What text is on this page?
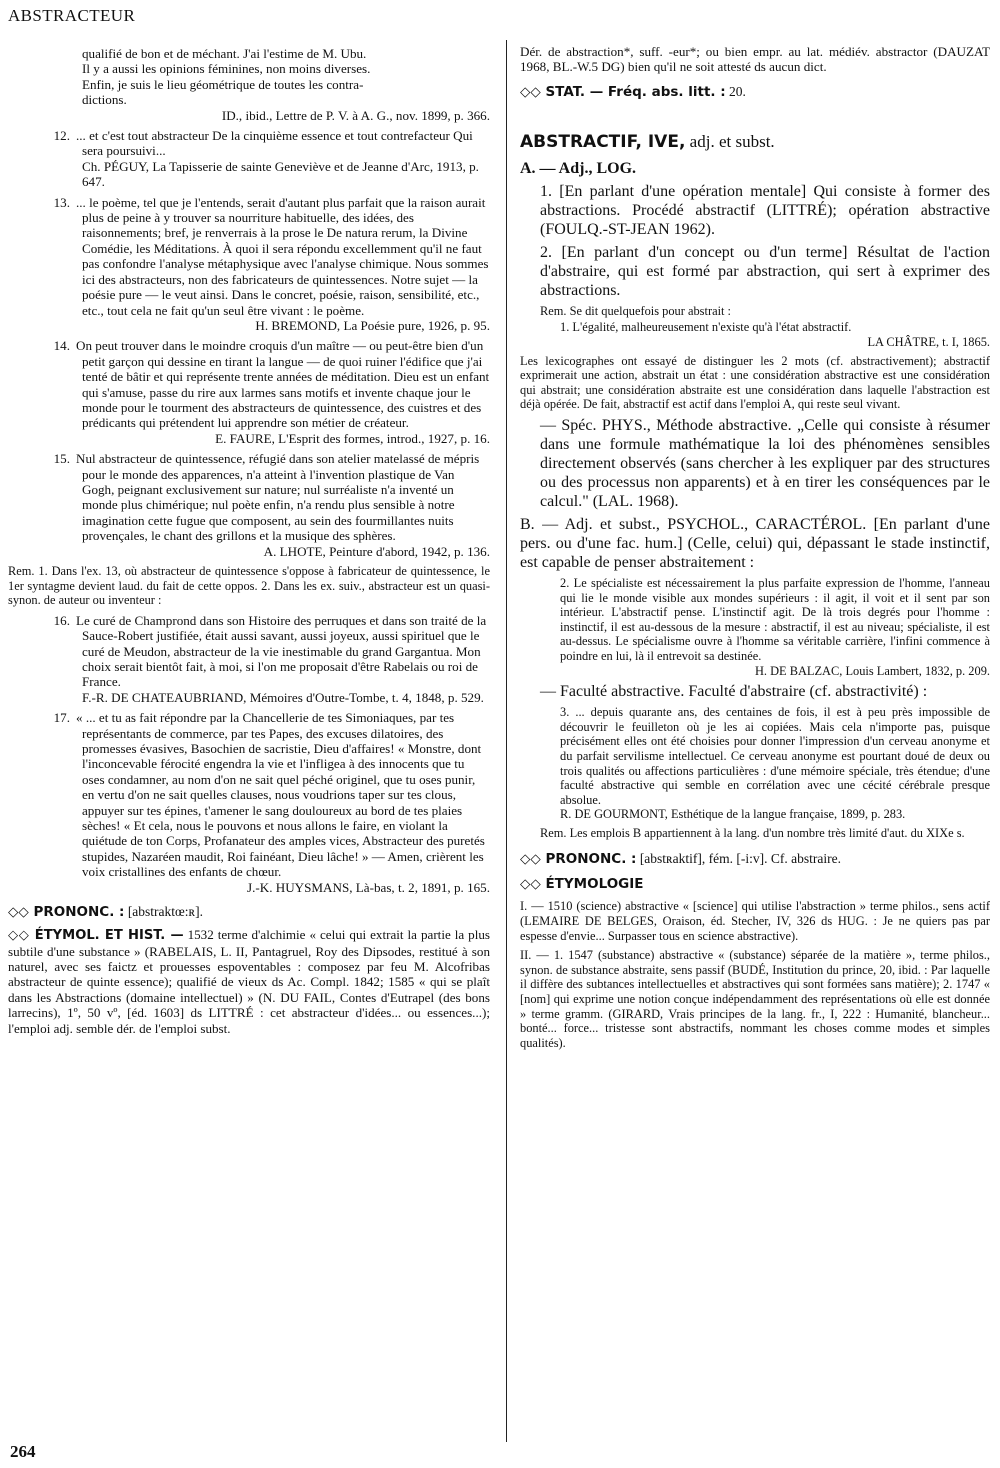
ABSTRACTEUR
qualifié de bon et de méchant. J'ai l'estime de M. Ubu.
Il y a aussi les opinions féminines, non moins diverses.
Enfin, je suis le lieu géométrique de toutes les contra-
dictions.
ID., ibid., Lettre de P. V. à A. G., nov. 1899, p. 366.
12. ... et c'est tout abstracteur De la cinquième essence et tout contrefacteur Qui sera poursuivi...
Ch. PÉGUY, La Tapisserie de sainte Geneviève et de Jeanne d'Arc, 1913, p. 647.
13. ... le poème, tel que je l'entends, serait d'autant plus parfait que la raison aurait plus de peine à y trouver sa nourriture habituelle, des idées, des raisonnements; bref, je renverrais à la prose le De natura rerum, la Divine Comédie, les Méditations. À quoi il sera répondu excellemment qu'il ne faut pas confondre l'analyse métaphysique avec l'analyse chimique. Nous sommes ici des abstracteurs, non des fabricateurs de quintessences. Notre sujet — la poésie pure — le veut ainsi. Dans le concret, poésie, raison, sensibilité, etc., etc., tout cela ne fait qu'un seul être vivant : le poème.
H. BREMOND, La Poésie pure, 1926, p. 95.
14. On peut trouver dans le moindre croquis d'un maître — ou peut-être bien d'un petit garçon qui dessine en tirant la langue — de quoi ruiner l'édifice que j'ai tenté de bâtir et qui représente trente années de méditation. Dieu est un enfant qui s'amuse, passe du rire aux larmes sans motifs et invente chaque jour le monde pour le tourment des abstracteurs de quintessence, des cuistres et des prédicants qui prétendent lui apprendre son métier de créateur.
E. FAURE, L'Esprit des formes, introd., 1927, p. 16.
15. Nul abstracteur de quintessence, réfugié dans son atelier matelassé de mépris pour le monde des apparences, n'a atteint à l'invention plastique de Van Gogh, peignant exclusivement sur nature; nul surréaliste n'a inventé un monde plus chimérique; nul poète enfin, n'a rendu plus sensible à notre imagination cette fugue que composent, au sein des fourmillantes nuits provençales, le chant des grillons et la musique des sphères.
A. LHOTE, Peinture d'abord, 1942, p. 136.
Rem. 1. Dans l'ex. 13, où abstracteur de quintessence s'oppose à fabricateur de quintessence, le 1er syntagme devient laud. du fait de cette oppos. 2. Dans les ex. suiv., abstracteur est un quasi-synon. de auteur ou inventeur :
16. Le curé de Champrond dans son Histoire des perruques et dans son traité de la Sauce-Robert justifiée, était aussi savant, aussi joyeux, aussi spirituel que le curé de Meudon, abstracteur de la vie inestimable du grand Gargantua. Mon choix serait bientôt fait, à moi, si l'on me proposait d'être Rabelais ou roi de France.
F.-R. DE CHATEAUBRIAND, Mémoires d'Outre-Tombe, t. 4, 1848, p. 529.
17. « ... et tu as fait répondre par la Chancellerie de tes Simoniaques, par tes représentants de commerce, par tes Papes, des excuses dilatoires, des promesses évasives, Basochien de sacristie, Dieu d'affaires! « Monstre, dont l'inconcevable férocité engendra la vie et l'infligea à des innocents que tu oses condamner, au nom d'on ne sait quel péché originel, que tu oses punir, en vertu d'on ne sait quelles clauses, nous voudrions taper sur tes clous, appuyer sur tes épines, t'amener le sang douloureux au bord de tes plaies sèches! « Et cela, nous le pouvons et nous allons le faire, en violant la quiétude de ton Corps, Profanateur des amples vices, Abstracteur des puretés stupides, Nazaréen maudit, Roi fainéant, Dieu lâche! » — Amen, crièrent les voix cristallines des enfants de chœur.
J.-K. HUYSMANS, Là-bas, t. 2, 1891, p. 165.
◇◇ PRONONC. : [abstraktœ:ʀ].
◇◇ ÉTYMOL. ET HIST. — 1532 terme d'alchimie « celui qui extrait la partie la plus subtile d'une substance » (RABELAIS, L. II, Pantagruel, Roy des Dipsodes, restitué à son naturel, avec ses faictz et prouesses espoventables : composez par feu M. Alcofribas abstracteur de quinte essence); qualifié de vieux ds Ac. Compl. 1842; 1585 « qui se plaît dans les Abstractions (domaine intellectuel) » (N. DU FAIL, Contes d'Eutrapel (des bons larrecins), 1º, 50 vº, [éd. 1603] ds LITTRÉ : cet abstracteur d'idées... ou essences...); l'emploi adj. semble dér. de l'emploi subst.
Dér. de abstraction*, suff. -eur*; ou bien empr. au lat. médiév. abstractor (DAUZAT 1968, BL.-W.5 DG) bien qu'il ne soit attesté ds aucun dict.
◇◇ STAT. — Fréq. abs. litt. : 20.
ABSTRACTIF, IVE, adj. et subst.
A. — Adj., LOG.
1. [En parlant d'une opération mentale] Qui consiste à former des abstractions. Procédé abstractif (LITTRÉ); opération abstractive (FOULQ.-ST-JEAN 1962).
2. [En parlant d'un concept ou d'un terme] Résultat de l'action d'abstraire, qui est formé par abstraction, qui sert à exprimer des abstractions.
Rem. Se dit quelquefois pour abstrait :
1. L'égalité, malheureusement n'existe qu'à l'état abstractif.
LA CHÂTRE, t. I, 1865.
Les lexicographes ont essayé de distinguer les 2 mots (cf. abstractivement); abstractif exprimerait une action, abstrait un état : une considération abstractive est une considération qui abstrait; une considération abstraite est une considération dans laquelle l'abstraction est déjà opérée. De fait, abstractif est actif dans l'emploi A, qui reste seul vivant.
— Spéc. PHYS., Méthode abstractive. „Celle qui consiste à résumer dans une formule mathématique la loi des phénomènes sensibles directement observés (sans chercher à les expliquer par des structures ou des processus non apparents) et à en tirer les conséquences par le calcul." (LAL. 1968).
B. — Adj. et subst., PSYCHOL., CARACTÉROL. [En parlant d'une pers. ou d'une fac. hum.] (Celle, celui) qui, dépassant le stade instinctif, est capable de penser abstraitement :
2. Le spécialiste est nécessairement la plus parfaite expression de l'homme, l'anneau qui lie le monde visible aux mondes supérieurs : il agit, il voit et il sent par son intérieur. L'abstractif pense. L'instinctif agit. De là trois degrés pour l'homme : instinctif, il est au-dessous de la mesure : abstractif, il est au niveau; spécialiste, il est au-dessus. Le spécialisme ouvre à l'homme sa véritable carrière, l'infini commence à poindre en lui, là il entrevoit sa destinée.
H. DE BALZAC, Louis Lambert, 1832, p. 209.
— Faculté abstractive. Faculté d'abstraire (cf. abstractivité) :
3. ... depuis quarante ans, des centaines de fois, il est à peu près impossible de découvrir le feuilleton où je les ai copiées. Mais cela n'importe pas, puisque précisément elles ont été choisies pour donner l'impression d'un cerveau anonyme et du parfait servilisme intellectuel. Ce cerveau anonyme est pourtant doué de deux ou trois qualités ou affections particulières : d'une mémoire spéciale, très étendue; d'une faculté abstractive qui semble en corrélation avec une cécité cérébrale presque absolue.
R. DE GOURMONT, Esthétique de la langue française, 1899, p. 283.
Rem. Les emplois B appartiennent à la lang. d'un nombre très limité d'aut. du XIXe s.
◇◇ PRONONC. : [abstʀaktif], fém. [-i:v]. Cf. abstraire.
◇◇ ÉTYMOLOGIE
I. — 1510 (science) abstractive « [science] qui utilise l'abstraction » terme philos., sens actif (LEMAIRE DE BELGES, Oraison, éd. Stecher, IV, 326 ds HUG. : Je ne quiers pas par espesse d'envie... Surpasser tous en science abstractive).
II. — 1. 1547 (substance) abstractive « (substance) séparée de la matière », terme philos., synon. de substance abstraite, sens passif (BUDÉ, Institution du prince, 20, ibid. : Par laquelle il diffère des subtances intellectuelles et abstractives qui sont formées sans matière); 2. 1747 « [nom] qui exprime une notion conçue indépendamment des représentations où elle est donnée » terme gramm. (GIRARD, Vrais principes de la lang. fr., I, 222 : Humanité, blancheur... bonté... force... tristesse sont abstractifs, nommant les choses comme modes et simples qualités).
264
